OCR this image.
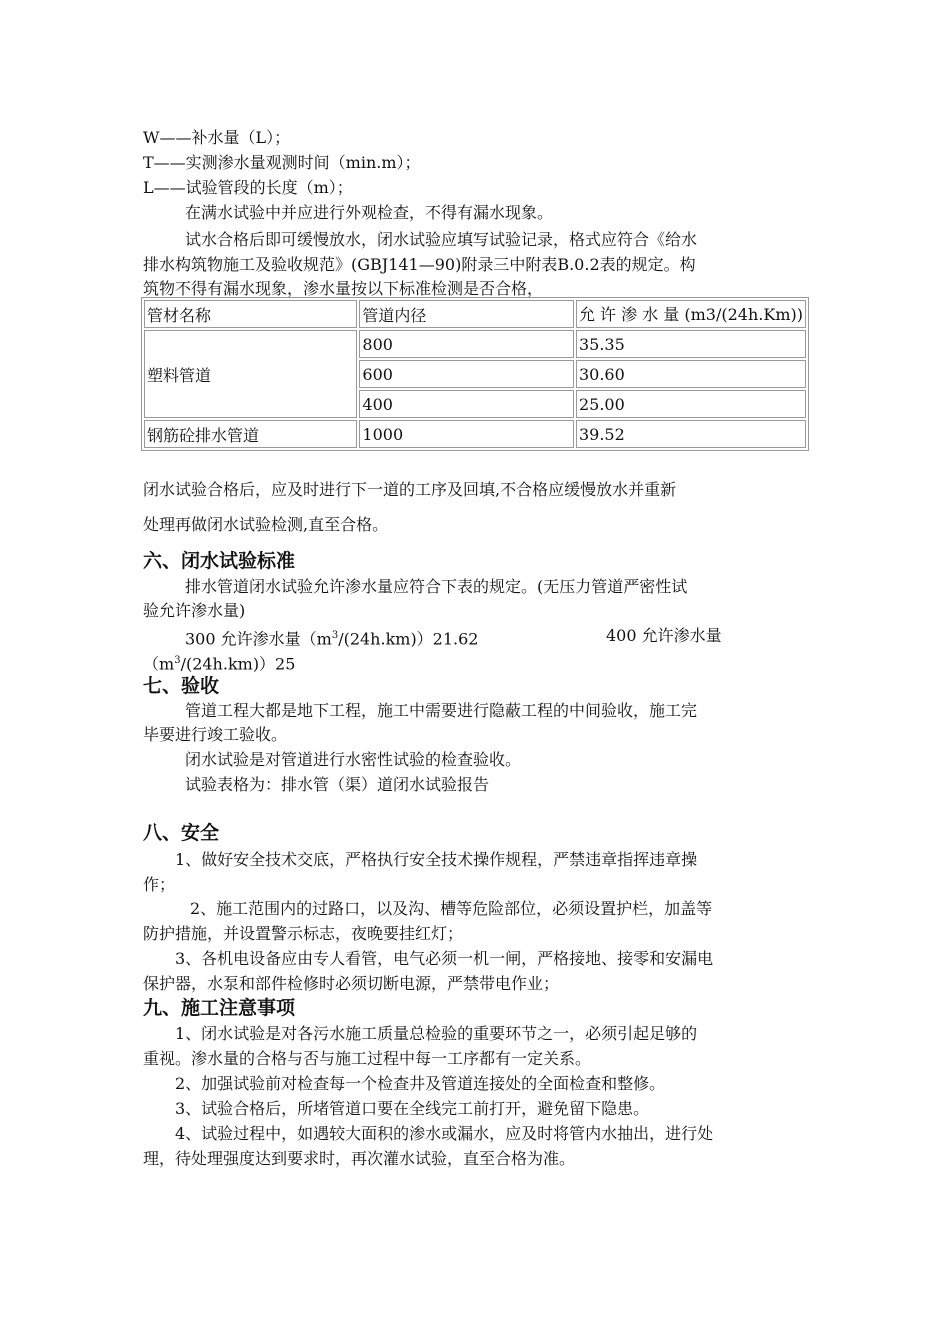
W——补水量（L）；
T——实测渗水量观测时间（min.m）；
L——试验管段的长度（m）；
在满水试验中并应进行外观检查，不得有漏水现象。
试水合格后即可缓慢放水，闭水试验应填写试验记录，格式应符合《给水
排水构筑物施工及验收规范》(GBJ141—90)附录三中附表B.0.2表的规定。构
筑物不得有漏水现象，渗水量按以下标准检测是否合格，
管材名称	管道内径	允 许 渗 水 量 (m3/(24h.Km))
塑料管道	800	35.35
	600	30.60
	400	25.00
钢筋砼排水管道	1000	39.52
闭水试验合格后，应及时进行下一道的工序及回填,不合格应缓慢放水并重新
处理再做闭水试验检测,直至合格。
六、闭水试验标准
排水管道闭水试验允许渗水量应符合下表的规定。(无压力管道严密性试
验允许渗水量)
300 允许渗水量$(m^3/(24h.km))21.62$	400 允许渗水量
$(m^3/(24h.km))25$
七、验收
管道工程大都是地下工程，施工中需要进行隐蔽工程的中间验收，施工完
毕要进行竣工验收。
闭水试验是对管道进行水密性试验的检查验收。
试验表格为：排水管（渠）道闭水试验报告
八、安全
1、做好安全技术交底，严格执行安全技术操作规程，严禁违章指挥违章操
作；
2、施工范围内的过路口，以及沟、槽等危险部位，必须设置护栏，加盖等
防护措施，并设置警示标志，夜晚要挂红灯；
3、各机电设备应由专人看管，电气必须一机一闸，严格接地、接零和安漏电
保护器，水泵和部件检修时必须切断电源，严禁带电作业；
九、施工注意事项
1、闭水试验是对各污水施工质量总检验的重要环节之一，必须引起足够的
重视。渗水量的合格与否与施工过程中每一工序都有一定关系。
2、加强试验前对检查每一个检查井及管道连接处的全面检查和整修。
3、试验合格后，所堵管道口要在全线完工前打开，避免留下隐患。
4、试验过程中，如遇较大面积的渗水或漏水，应及时将管内水抽出，进行处
理，待处理强度达到要求时，再次灌水试验，直至合格为准。
